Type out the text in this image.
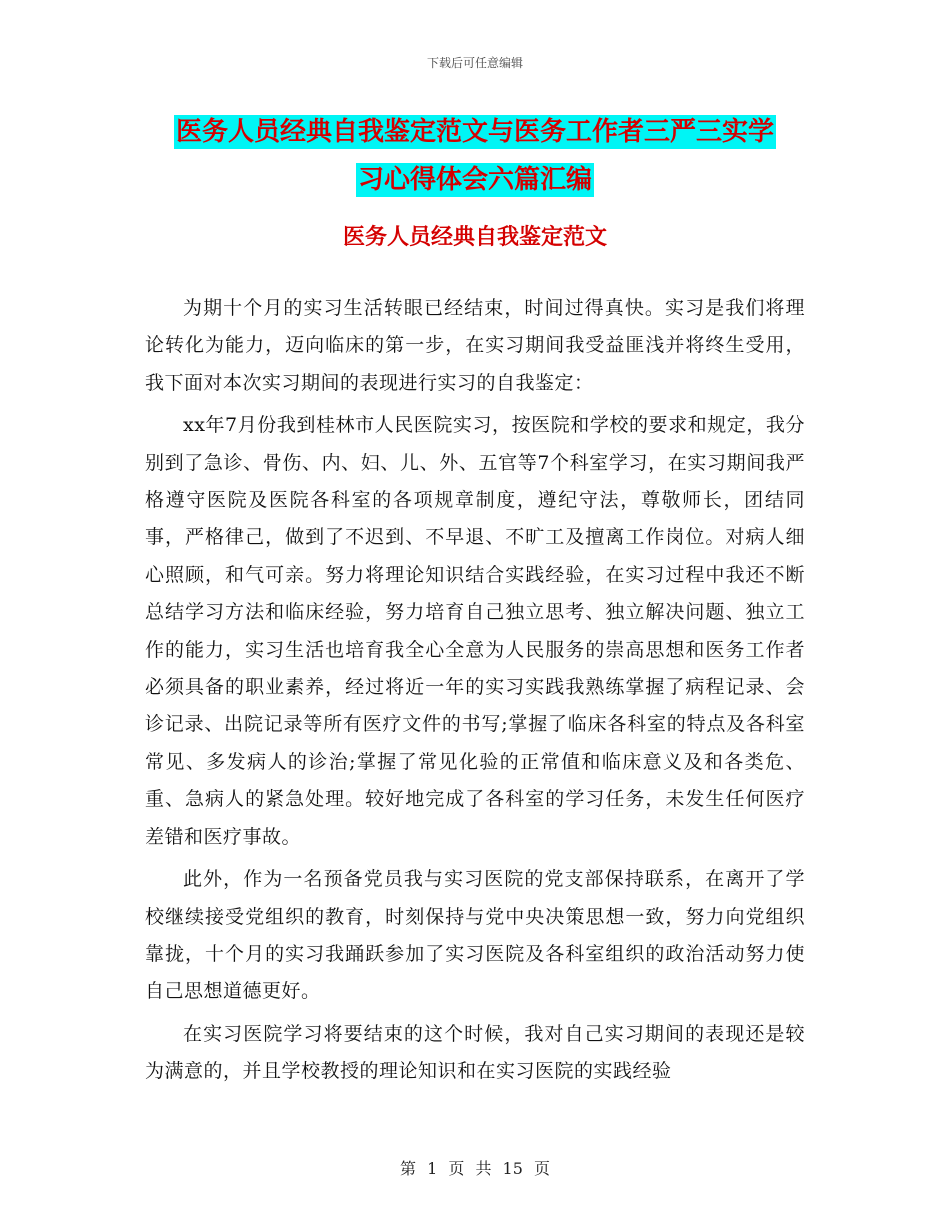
下载后可任意编辑
医务人员经典自我鉴定范文与医务工作者三严三实学
习心得体会六篇汇编
医务人员经典自我鉴定范文

为期十个月的实习生活转眼已经结束，时间过得真快。实习是我们将理论转化为能力，迈向临床的第一步，在实习期间我受益匪浅并将终生受用，我下面对本次实习期间的表现进行实习的自我鉴定：

xx年7月份我到桂林市人民医院实习，按医院和学校的要求和规定，我分别到了急诊、骨伤、内、妇、儿、外、五官等7个科室学习，在实习期间我严格遵守医院及医院各科室的各项规章制度，遵纪守法，尊敬师长，团结同事，严格律己，做到了不迟到、不早退、不旷工及擅离工作岗位。对病人细心照顾，和气可亲。努力将理论知识结合实践经验，在实习过程中我还不断总结学习方法和临床经验，努力培育自己独立思考、独立解决问题、独立工作的能力，实习生活也培育我全心全意为人民服务的崇高思想和医务工作者必须具备的职业素养，经过将近一年的实习实践我熟练掌握了病程记录、会诊记录、出院记录等所有医疗文件的书写;掌握了临床各科室的特点及各科室常见、多发病人的诊治;掌握了常见化验的正常值和临床意义及和各类危、重、急病人的紧急处理。较好地完成了各科室的学习任务，未发生任何医疗差错和医疗事故。

此外，作为一名预备党员我与实习医院的党支部保持联系，在离开了学校继续接受党组织的教育，时刻保持与党中央决策思想一致，努力向党组织靠拢，十个月的实习我踊跃参加了实习医院及各科室组织的政治活动努力使自己思想道德更好。

在实习医院学习将要结束的这个时候，我对自己实习期间的表现还是较为满意的，并且学校教授的理论知识和在实习医院的实践经验

第 1 页 共 15 页
